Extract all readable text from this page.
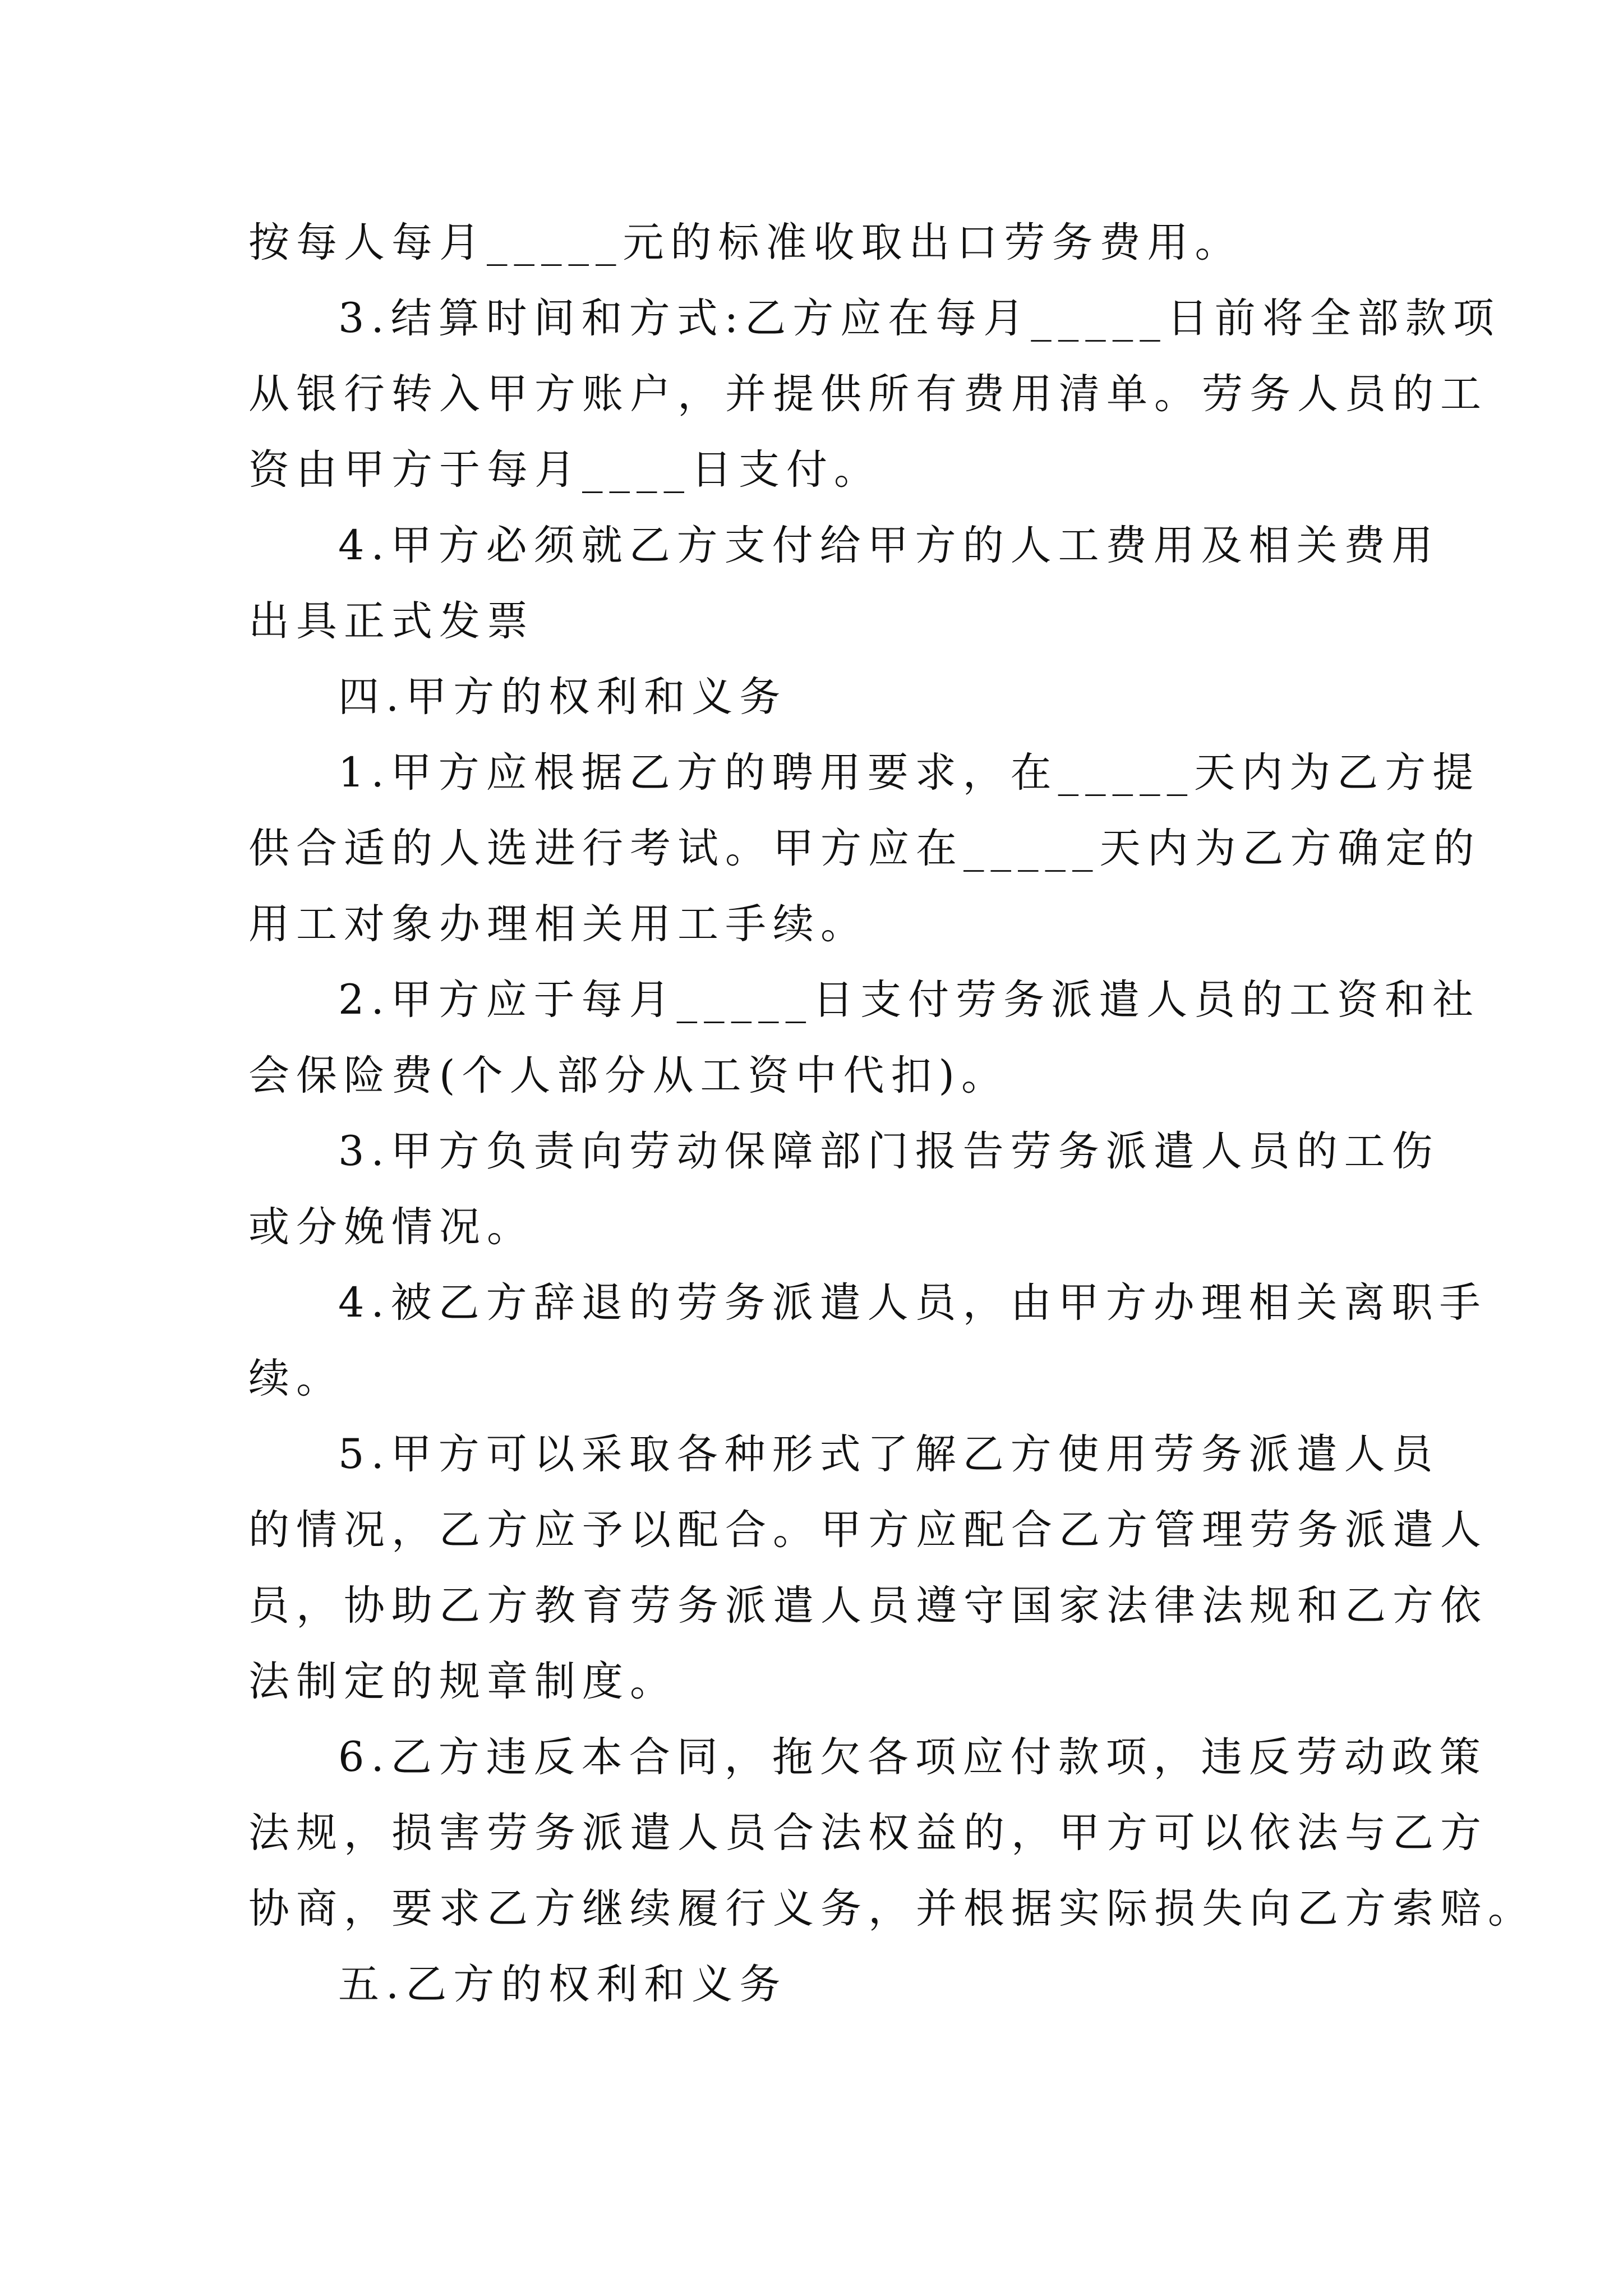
按每人每月_____元的标准收取出口劳务费用。
3.结算时间和方式:乙方应在每月_____日前将全部款项
从银行转入甲方账户，并提供所有费用清单。劳务人员的工
资由甲方于每月____日支付。
4.甲方必须就乙方支付给甲方的人工费用及相关费用
出具正式发票
四.甲方的权利和义务
1.甲方应根据乙方的聘用要求，在_____天内为乙方提
供合适的人选进行考试。甲方应在_____天内为乙方确定的
用工对象办理相关用工手续。
2.甲方应于每月_____日支付劳务派遣人员的工资和社
会保险费(个人部分从工资中代扣)。
3.甲方负责向劳动保障部门报告劳务派遣人员的工伤
或分娩情况。
4.被乙方辞退的劳务派遣人员，由甲方办理相关离职手
续。
5.甲方可以采取各种形式了解乙方使用劳务派遣人员
的情况，乙方应予以配合。甲方应配合乙方管理劳务派遣人
员，协助乙方教育劳务派遣人员遵守国家法律法规和乙方依
法制定的规章制度。
6.乙方违反本合同，拖欠各项应付款项，违反劳动政策
法规，损害劳务派遣人员合法权益的，甲方可以依法与乙方
协商，要求乙方继续履行义务，并根据实际损失向乙方索赔。
五.乙方的权利和义务
